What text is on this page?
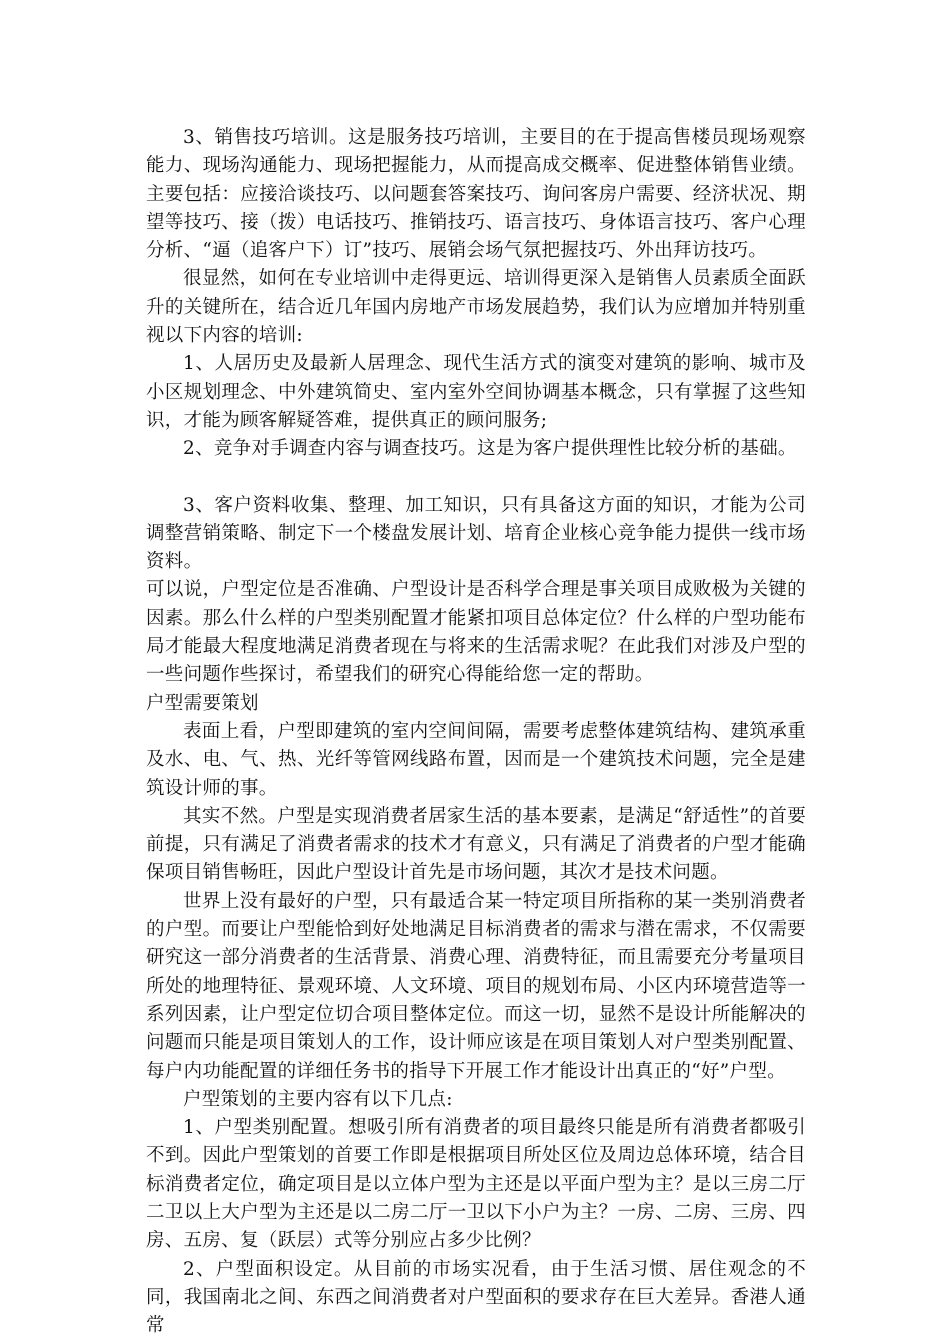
3、销售技巧培训。这是服务技巧培训，主要目的在于提高售楼员现场观察能力、现场沟通能力、现场把握能力，从而提高成交概率、促进整体销售业绩。主要包括：应接洽谈技巧、以问题套答案技巧、询问客房户需要、经济状况、期望等技巧、接（拨）电话技巧、推销技巧、语言技巧、身体语言技巧、客户心理分析、“逼（追客户下）订”技巧、展销会场气氛把握技巧、外出拜访技巧。

很显然，如何在专业培训中走得更远、培训得更深入是销售人员素质全面跃升的关键所在，结合近几年国内房地产市场发展趋势，我们认为应增加并特别重视以下内容的培训:

1、人居历史及最新人居理念、现代生活方式的演变对建筑的影响、城市及小区规划理念、中外建筑简史、室内室外空间协调基本概念，只有掌握了这些知识，才能为顾客解疑答难，提供真正的顾问服务;

2、竞争对手调查内容与调查技巧。这是为客户提供理性比较分析的基础。

3、客户资料收集、整理、加工知识，只有具备这方面的知识，才能为公司调整营销策略、制定下一个楼盘发展计划、培育企业核心竞争能力提供一线市场资料。

可以说，户型定位是否准确、户型设计是否科学合理是事关项目成败极为关键的因素。那么什么样的户型类别配置才能紧扣项目总体定位？什么样的户型功能布局才能最大程度地满足消费者现在与将来的生活需求呢？在此我们对涉及户型的一些问题作些探讨，希望我们的研究心得能给您一定的帮助。

户型需要策划

表面上看，户型即建筑的室内空间间隔，需要考虑整体建筑结构、建筑承重及水、电、气、热、光纤等管网线路布置，因而是一个建筑技术问题，完全是建筑设计师的事。

其实不然。户型是实现消费者居家生活的基本要素，是满足“舒适性”的首要前提，只有满足了消费者需求的技术才有意义，只有满足了消费者的户型才能确保项目销售畅旺，因此户型设计首先是市场问题，其次才是技术问题。

世界上没有最好的户型，只有最适合某一特定项目所指称的某一类别消费者的户型。而要让户型能恰到好处地满足目标消费者的需求与潜在需求，不仅需要研究这一部分消费者的生活背景、消费心理、消费特征，而且需要充分考量项目所处的地理特征、景观环境、人文环境、项目的规划布局、小区内环境营造等一系列因素，让户型定位切合项目整体定位。而这一切，显然不是设计所能解决的问题而只能是项目策划人的工作，设计师应该是在项目策划人对户型类别配置、每户内功能配置的详细任务书的指导下开展工作才能设计出真正的“好”户型。

户型策划的主要内容有以下几点:

1、户型类别配置。想吸引所有消费者的项目最终只能是所有消费者都吸引不到。因此户型策划的首要工作即是根据项目所处区位及周边总体环境，结合目标消费者定位，确定项目是以立体户型为主还是以平面户型为主？是以三房二厅二卫以上大户型为主还是以二房二厅一卫以下小户为主？一房、二房、三房、四房、五房、复（跃层）式等分别应占多少比例？

2、户型面积设定。从目前的市场实况看，由于生活习惯、居住观念的不同，我国南北之间、东西之间消费者对户型面积的要求存在巨大差异。香港人通常
